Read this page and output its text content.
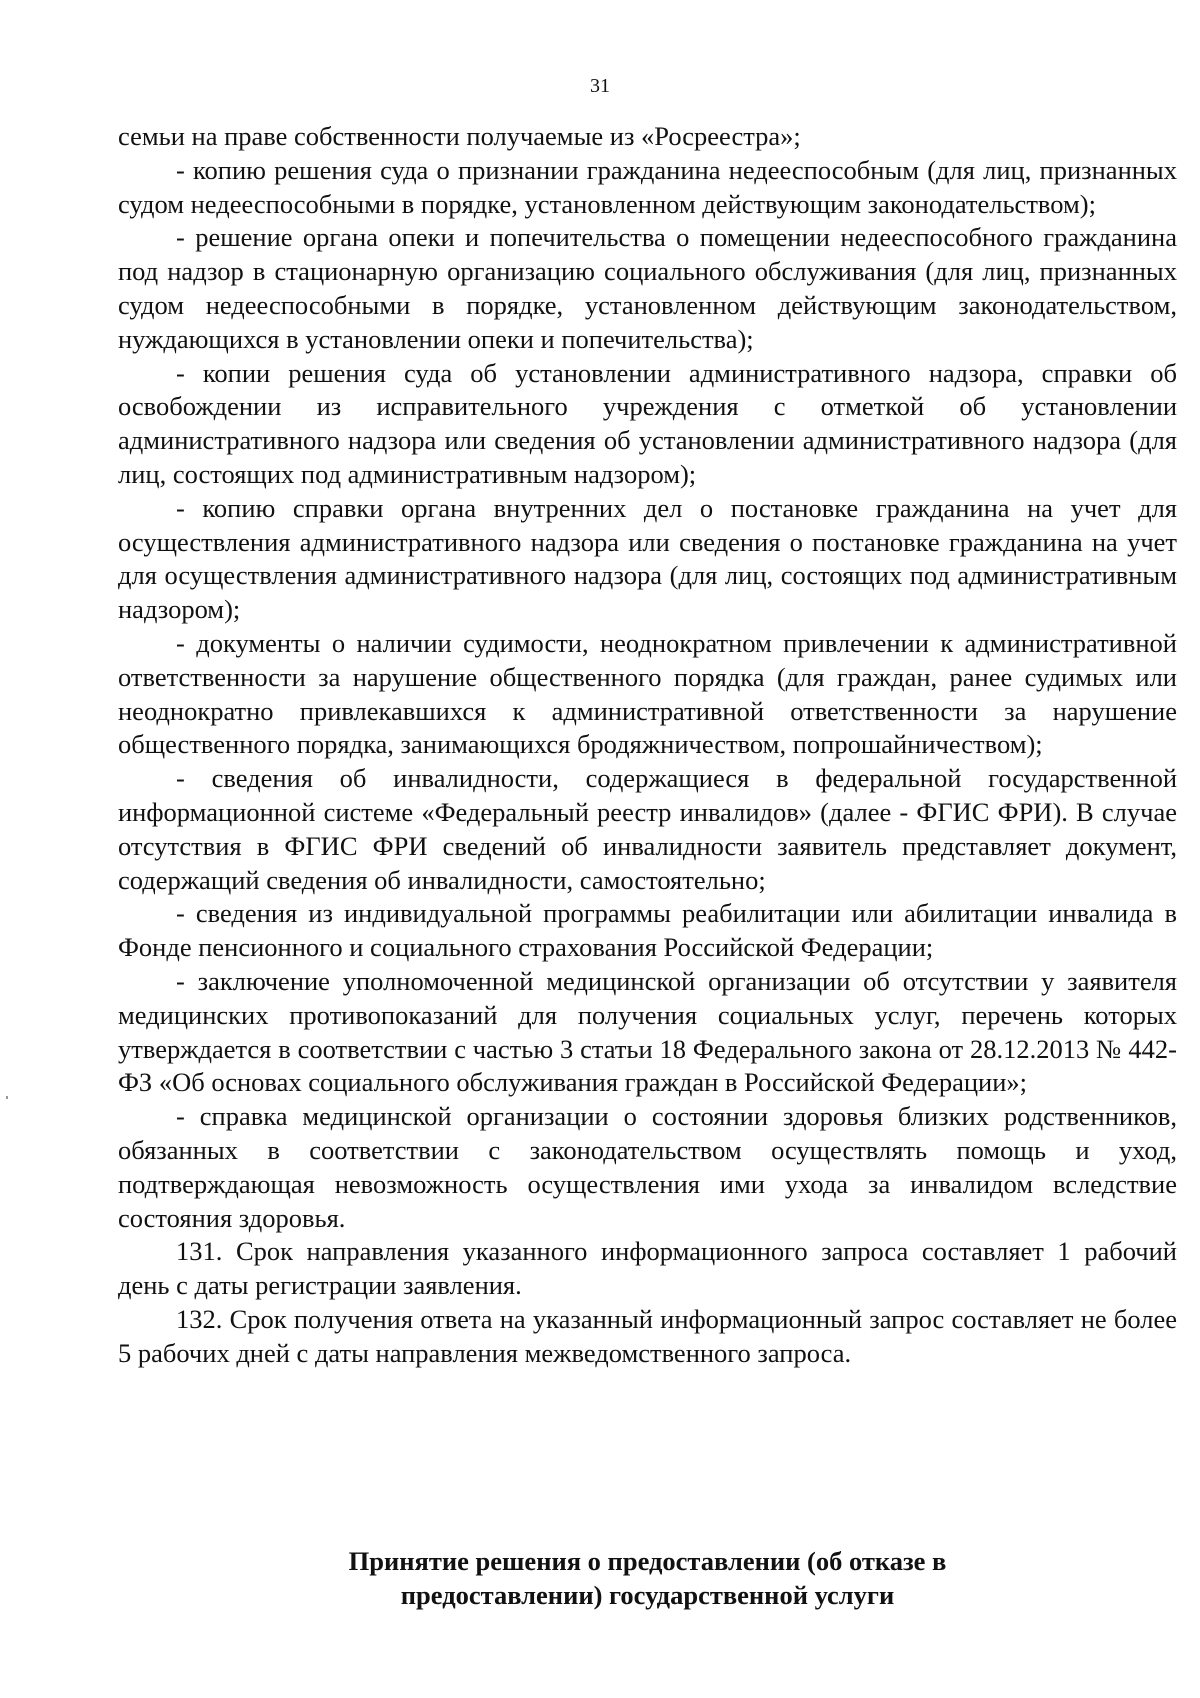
31

семьи на праве собственности получаемые из «Росреестра»;

- копию решения суда о признании гражданина недееспособным (для лиц, признанных судом недееспособными в порядке, установленном действующим законодательством);

- решение органа опеки и попечительства о помещении недееспособного гражданина под надзор в стационарную организацию социального обслуживания (для лиц, признанных судом недееспособными в порядке, установленном действующим законодательством, нуждающихся в установлении опеки и попечительства);

- копии решения суда об установлении административного надзора, справки об освобождении из исправительного учреждения с отметкой об установлении административного надзора или сведения об установлении административного надзора (для лиц, состоящих под административным надзором);

- копию справки органа внутренних дел о постановке гражданина на учет для осуществления административного надзора или сведения о постановке гражданина на учет для осуществления административного надзора (для лиц, состоящих под административным надзором);

- документы о наличии судимости, неоднократном привлечении к административной ответственности за нарушение общественного порядка (для граждан, ранее судимых или неоднократно привлекавшихся к административной ответственности за нарушение общественного порядка, занимающихся бродяжничеством, попрошайничеством);

- сведения об инвалидности, содержащиеся в федеральной государственной информационной системе «Федеральный реестр инвалидов» (далее - ФГИС ФРИ). В случае отсутствия в ФГИС ФРИ сведений об инвалидности заявитель представляет документ, содержащий сведения об инвалидности, самостоятельно;

- сведения из индивидуальной программы реабилитации или абилитации инвалида в Фонде пенсионного и социального страхования Российской Федерации;

- заключение уполномоченной медицинской организации об отсутствии у заявителя медицинских противопоказаний для получения социальных услуг, перечень которых утверждается в соответствии с частью 3 статьи 18 Федерального закона от 28.12.2013 № 442-ФЗ «Об основах социального обслуживания граждан в Российской Федерации»;

- справка медицинской организации о состоянии здоровья близких родственников, обязанных в соответствии с законодательством осуществлять помощь и уход, подтверждающая невозможность осуществления ими ухода за инвалидом вследствие состояния здоровья.

131. Срок направления указанного информационного запроса составляет 1 рабочий день с даты регистрации заявления.

132. Срок получения ответа на указанный информационный запрос составляет не более 5 рабочих дней с даты направления межведомственного запроса.

Принятие решения о предоставлении (об отказе в
предоставлении) государственной услуги
